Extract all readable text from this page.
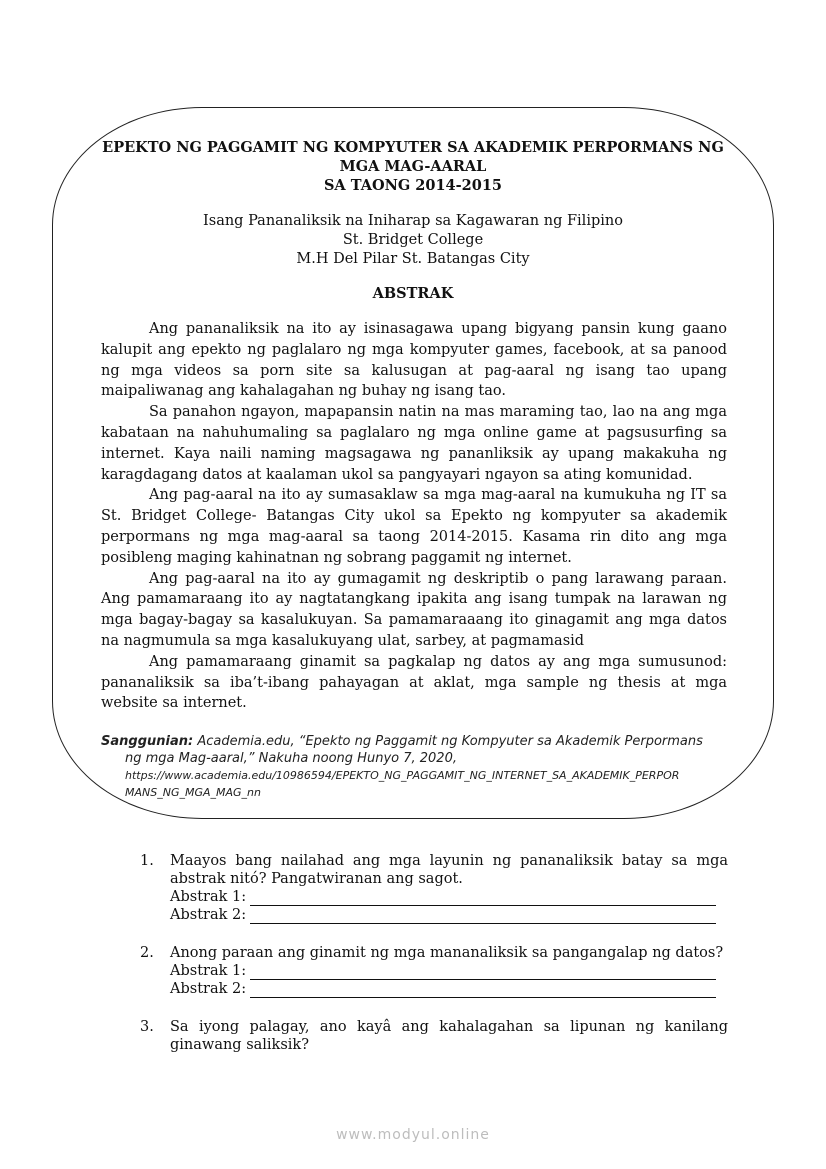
EPEKTO NG PAGGAMIT NG KOMPYUTER SA AKADEMIK PERPORMANS NG
MGA MAG-AARAL
SA TAONG 2014-2015
Isang Pananaliksik na Iniharap sa Kagawaran ng Filipino
St. Bridget College
M.H Del Pilar St. Batangas City
ABSTRAK

Ang pananaliksik na ito ay isinasagawa upang bigyang pansin kung gaano kalupit ang epekto ng paglalaro ng mga kompyuter games, facebook, at sa panood ng mga videos sa porn site sa kalusugan at pag-aaral ng isang tao upang maipaliwanag ang kahalagahan ng buhay ng isang tao.

Sa panahon ngayon, mapapansin natin na mas maraming tao, lao na ang mga kabataan na nahuhumaling sa paglalaro ng mga online game at pagsusurfing sa internet. Kaya naili naming magsagawa ng pananliksik ay upang makakuha ng karagdagang datos at kaalaman ukol sa pangyayari ngayon sa ating komunidad.

Ang pag-aaral na ito ay sumasaklaw sa mga mag-aaral na kumukuha ng IT sa St. Bridget College- Batangas City ukol sa Epekto ng kompyuter sa akademik perpormans ng mga mag-aaral sa taong 2014-2015. Kasama rin dito ang mga posibleng maging kahinatnan ng sobrang paggamit ng internet.

Ang pag-aaral na ito ay gumagamit ng deskriptib o pang larawang paraan. Ang pamamaraang ito ay nagtatangkang ipakita ang isang tumpak na larawan ng mga bagay-bagay sa kasalukuyan. Sa pamamaraaang ito ginagamit ang mga datos na nagmumula sa mga kasalukuyang ulat, sarbey, at pagmamasid

Ang pamamaraang ginamit sa pagkalap ng datos ay ang mga sumusunod: pananaliksik sa iba’t-ibang pahayagan at aklat, mga sample ng thesis at mga website sa internet.

Sanggunian: Academia.edu, “Epekto ng Paggamit ng Kompyuter sa Akademik Perpormans
ng mga Mag-aaral,” Nakuha noong Hunyo 7, 2020,
https://www.academia.edu/10986594/EPEKTO_NG_PAGGAMIT_NG_INTERNET_SA_AKADEMIK_PERPOR
MANS_NG_MGA_MAG_nn
1. Maayos bang nailahad ang mga layunin ng pananaliksik batay sa mga abstrak nitó? Pangatwiranan ang sagot.
Abstrak 1:
Abstrak 2:
2. Anong paraan ang ginamit ng mga mananaliksik sa pangangalap ng datos?
Abstrak 1:
Abstrak 2:
3. Sa iyong palagay, ano kayâ ang kahalagahan sa lipunan ng kanilang ginawang saliksik?
www.modyul.online
